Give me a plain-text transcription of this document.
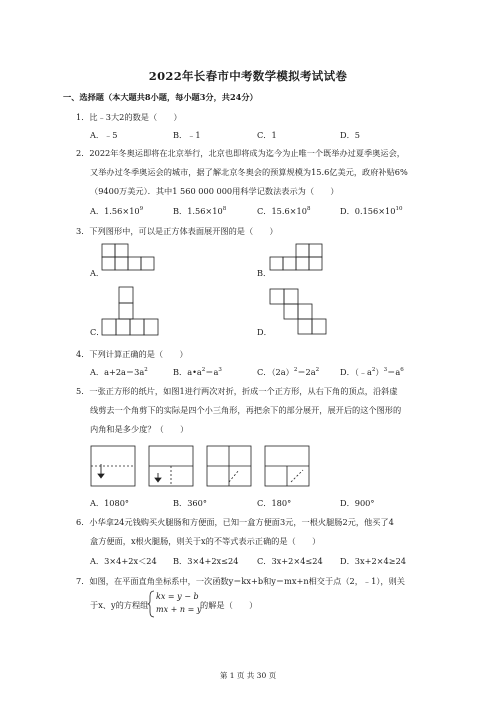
2022年长春市中考数学模拟考试试卷
一、选择题（本大题共8小题，每小题3分，共24分）
1．比﹣3大2的数是（　　）
A．﹣5	B．﹣1	C．1	D．5
2．2022年冬奥运即将在北京举行，北京也即将成为迄今为止唯一个既举办过夏季奥运会，
又举办过冬季奥运会的城市，据了解北京冬奥会的预算规模为15.6亿美元，政府补贴6%
（9400万美元）．其中1 560 000 000用科学记数法表示为（　　）
A．$1.56\times 10^9$	B．$1.56\times 10^8$	C．$15.6\times 10^8$	D．$0.156\times 10^{10}$
3．下列图形中，可以是正方体表面展开图的是（　　）
A．	B．
C．	D．
4．下列计算正确的是（　　）
A．$a+2a=3a^2$	B．$a•a^2=a^3$	C．$(2a)^2=2a^2$	D．$(﹣a^2)^3=a^6$
5．一张正方形的纸片，如图1进行两次对折，折成一个正方形，从右下角的顶点，沿斜虚
线剪去一个角剪下的实际是四个小三角形，再把余下的部分展开，展开后的这个图形的
内角和是多少度？（　　）
A．1080°	B．360°	C．180°	D．900°
6．小华拿24元钱购买火腿肠和方便面，已知一盒方便面3元，一根火腿肠2元，他买了4
盒方便面，x根火腿肠，则关于x的不等式表示正确的是（　　）
A．3×4+2x＜24 B．3×4+2x≤24 C．3x+2×4≤24 D．3x+2×4≥24
7．如图，在平面直角坐标系中，一次函数y＝kx+b和y＝mx+n相交于点（2，﹣1），则关
于x、y的方程组
kx = y − b
mx + n = y
的解是（　　）
第 1 页 共 30 页
